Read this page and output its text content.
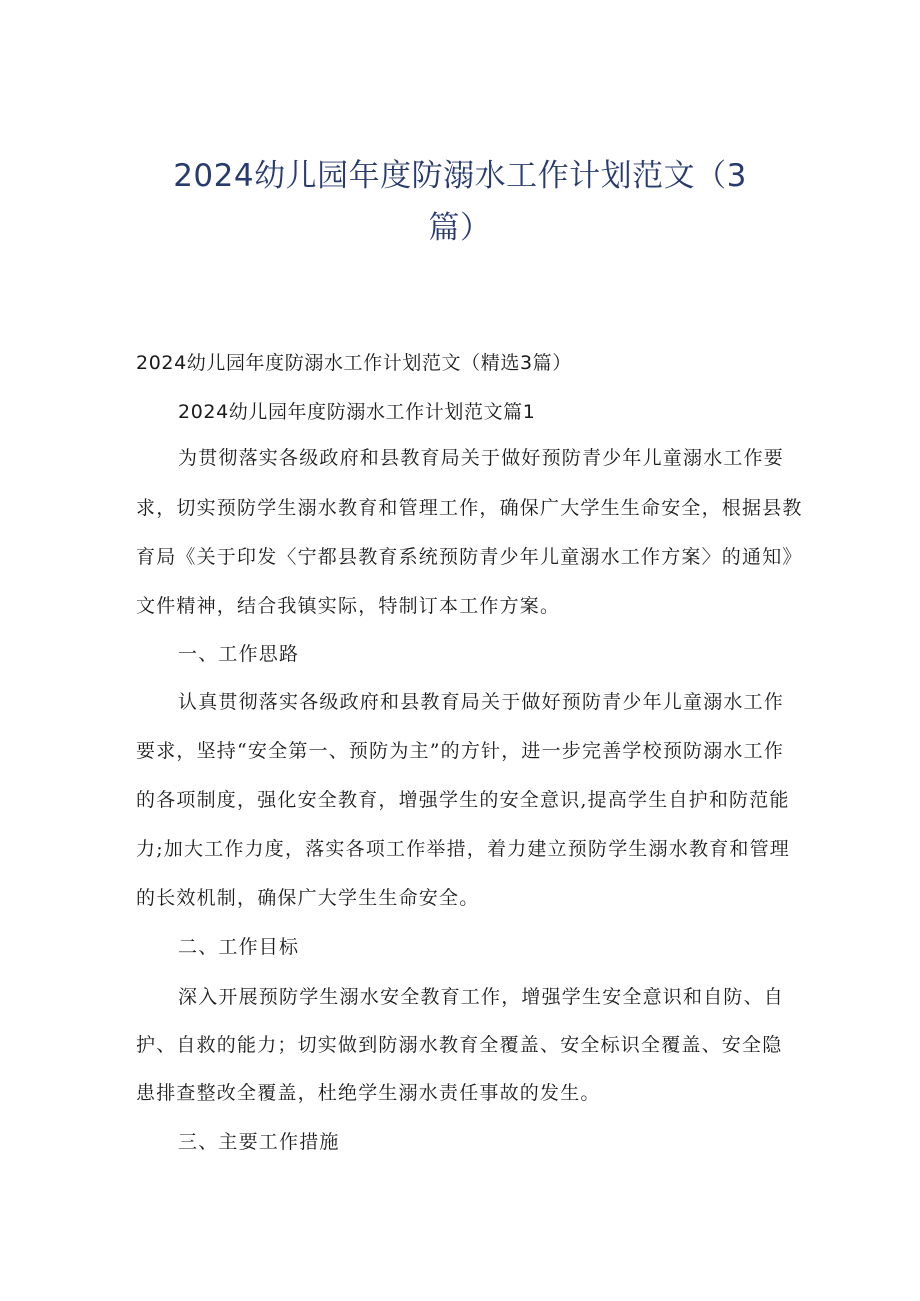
2024幼儿园年度防溺水工作计划范文（3
篇）

2024幼儿园年度防溺水工作计划范文（精选3篇）

2024幼儿园年度防溺水工作计划范文篇1

为贯彻落实各级政府和县教育局关于做好预防青少年儿童溺水工作要

求，切实预防学生溺水教育和管理工作，确保广大学生生命安全，根据县教

育局《关于印发〈宁都县教育系统预防青少年儿童溺水工作方案〉的通知》

文件精神，结合我镇实际，特制订本工作方案。

一、工作思路

认真贯彻落实各级政府和县教育局关于做好预防青少年儿童溺水工作

要求，坚持“安全第一、预防为主”的方针，进一步完善学校预防溺水工作

的各项制度，强化安全教育，增强学生的安全意识,提高学生自护和防范能

力;加大工作力度，落实各项工作举措，着力建立预防学生溺水教育和管理

的长效机制，确保广大学生生命安全。

二、工作目标

深入开展预防学生溺水安全教育工作，增强学生安全意识和自防、自

护、自救的能力；切实做到防溺水教育全覆盖、安全标识全覆盖、安全隐

患排查整改全覆盖，杜绝学生溺水责任事故的发生。

三、主要工作措施
